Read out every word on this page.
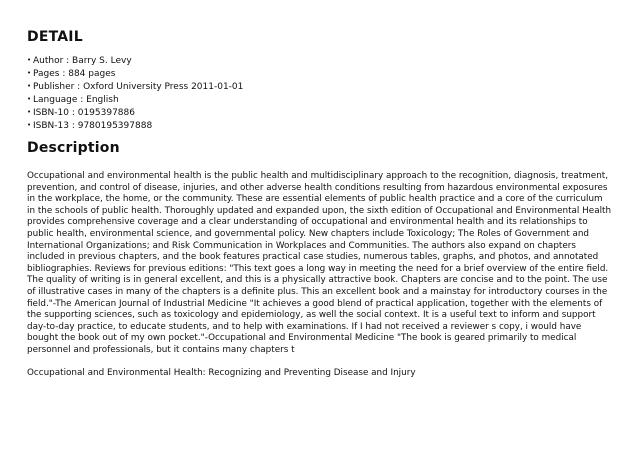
DETAIL
• Author : Barry S. Levy
• Pages : 884 pages
• Publisher : Oxford University Press 2011-01-01
• Language : English
• ISBN-10 : 0195397886
• ISBN-13 : 9780195397888
Description

Occupational and environmental health is the public health and multidisciplinary approach to the recognition, diagnosis, treatment, prevention, and control of disease, injuries, and other adverse health conditions resulting from hazardous environmental exposures in the workplace, the home, or the community. These are essential elements of public health practice and a core of the curriculum in the schools of public health. Thoroughly updated and expanded upon, the sixth edition of Occupational and Environmental Health provides comprehensive coverage and a clear understanding of occupational and environmental health and its relationships to public health, environmental science, and governmental policy. New chapters include Toxicology; The Roles of Government and International Organizations; and Risk Communication in Workplaces and Communities. The authors also expand on chapters included in previous chapters, and the book features practical case studies, numerous tables, graphs, and photos, and annotated bibliographies. Reviews for previous editions: "This text goes a long way in meeting the need for a brief overview of the entire field. The quality of writing is in general excellent, and this is a physically attractive book. Chapters are concise and to the point. The use of illustrative cases in many of the chapters is a definite plus. This an excellent book and a mainstay for introductory courses in the field."-The American Journal of Industrial Medicine "It achieves a good blend of practical application, together with the elements of the supporting sciences, such as toxicology and epidemiology, as well the social context. It is a useful text to inform and support day-to-day practice, to educate students, and to help with examinations. If I had not received a reviewer s copy, i would have bought the book out of my own pocket."-Occupational and Environmental Medicine "The book is geared primarily to medical personnel and professionals, but it contains many chapters t

Occupational and Environmental Health: Recognizing and Preventing Disease and Injury
